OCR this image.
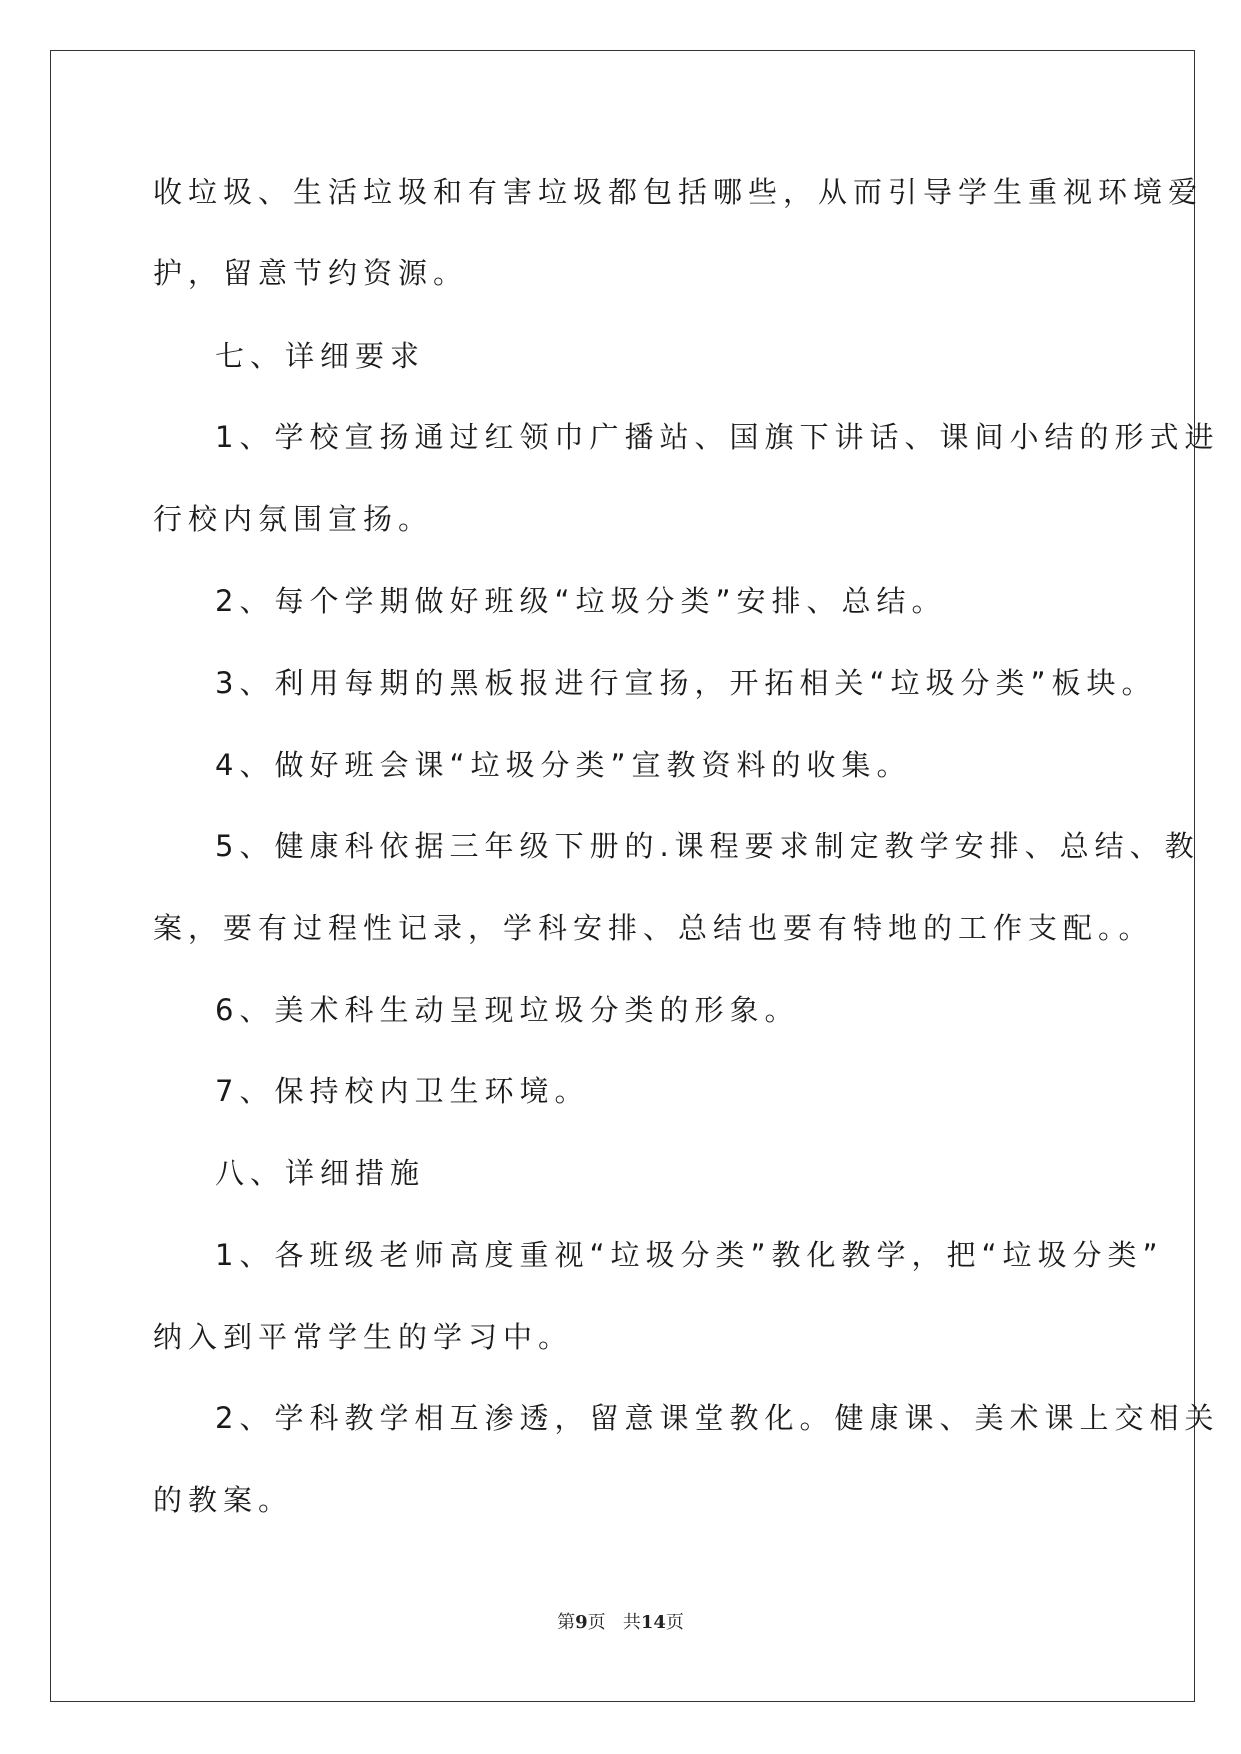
收垃圾、生活垃圾和有害垃圾都包括哪些，从而引导学生重视环境爱
护，留意节约资源。
七、详细要求
1、学校宣扬通过红领巾广播站、国旗下讲话、课间小结的形式进
行校内氛围宣扬。
2、每个学期做好班级“垃圾分类”安排、总结。
3、利用每期的黑板报进行宣扬，开拓相关“垃圾分类”板块。
4、做好班会课“垃圾分类”宣教资料的收集。
5、健康科依据三年级下册的.课程要求制定教学安排、总结、教
案，要有过程性记录，学科安排、总结也要有特地的工作支配。。
6、美术科生动呈现垃圾分类的形象。
7、保持校内卫生环境。
八、详细措施
1、各班级老师高度重视“垃圾分类”教化教学，把“垃圾分类”
纳入到平常学生的学习中。
2、学科教学相互渗透，留意课堂教化。健康课、美术课上交相关
的教案。
第9页 共14页
